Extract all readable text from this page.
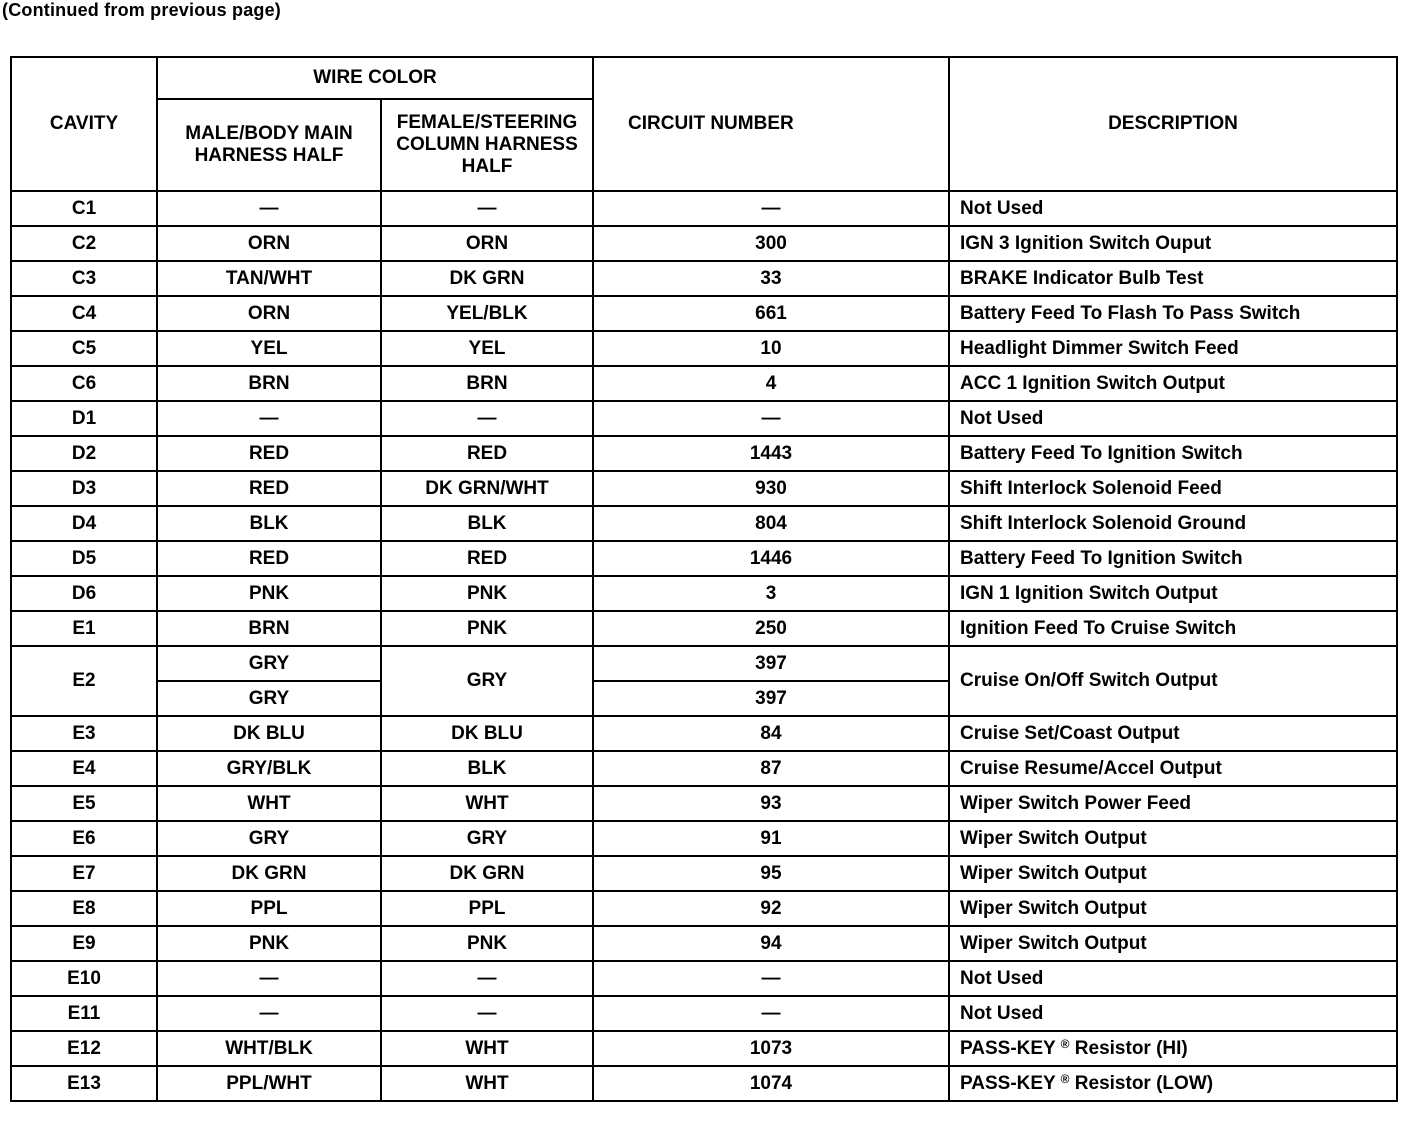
(Continued from previous page)
CAVITY	WIRE COLOR		CIRCUIT NUMBER	DESCRIPTION
	MALE/BODY MAIN HARNESS HALF	FEMALE/STEERING COLUMN HARNESS HALF		
C1	—	—	—	Not Used
C2	ORN	ORN	300	IGN 3 Ignition Switch Ouput
C3	TAN/WHT	DK GRN	33	BRAKE Indicator Bulb Test
C4	ORN	YEL/BLK	661	Battery Feed To Flash To Pass Switch
C5	YEL	YEL	10	Headlight Dimmer Switch Feed
C6	BRN	BRN	4	ACC 1 Ignition Switch Output
D1	—	—	—	Not Used
D2	RED	RED	1443	Battery Feed To Ignition Switch
D3	RED	DK GRN/WHT	930	Shift Interlock Solenoid Feed
D4	BLK	BLK	804	Shift Interlock Solenoid Ground
D5	RED	RED	1446	Battery Feed To Ignition Switch
D6	PNK	PNK	3	IGN 1 Ignition Switch Output
E1	BRN	PNK	250	Ignition Feed To Cruise Switch
E2	GRY	GRY	397	Cruise On/Off Switch Output
	GRY		397	
E3	DK BLU	DK BLU	84	Cruise Set/Coast Output
E4	GRY/BLK	BLK	87	Cruise Resume/Accel Output
E5	WHT	WHT	93	Wiper Switch Power Feed
E6	GRY	GRY	91	Wiper Switch Output
E7	DK GRN	DK GRN	95	Wiper Switch Output
E8	PPL	PPL	92	Wiper Switch Output
E9	PNK	PNK	94	Wiper Switch Output
E10	—	—	—	Not Used
E11	—	—	—	Not Used
E12	WHT/BLK	WHT	1073	PASS-KEY ® Resistor (HI)
E13	PPL/WHT	WHT	1074	PASS-KEY ® Resistor (LOW)
